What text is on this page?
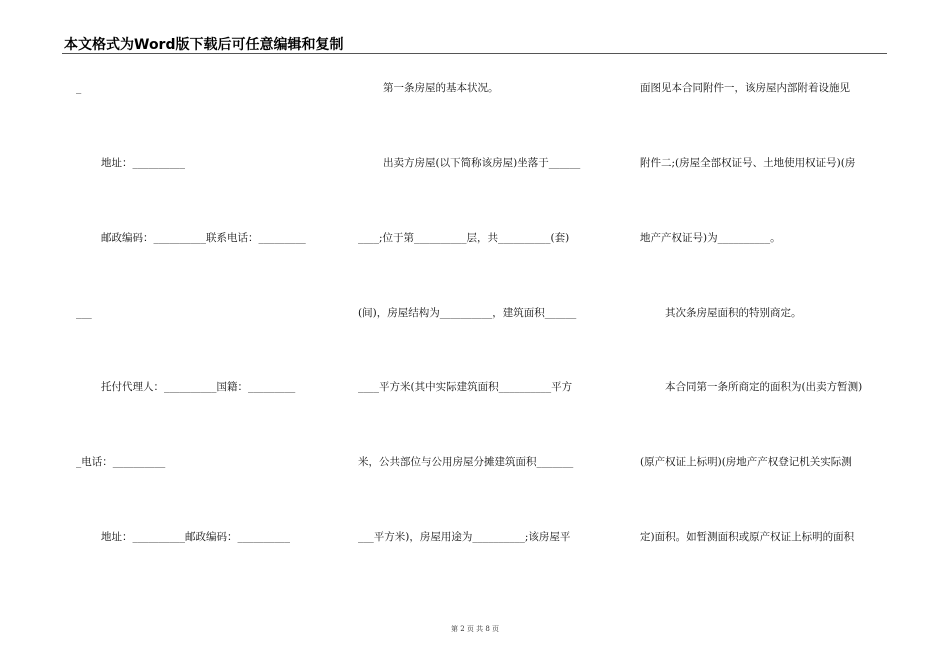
本文格式为Word版下载后可任意编辑和复制
_
地址：__________
邮政编码：__________联系电话：_________
___
托付代理人：__________国籍：_________
_电话：__________
地址：__________邮政编码：__________
第一条房屋的基本状况。
出卖方房屋(以下简称该房屋)坐落于______
____;位于第__________层，共__________(套)
(间)，房屋结构为__________，建筑面积______
____平方米(其中实际建筑面积__________平方
米，公共部位与公用房屋分摊建筑面积_______
___平方米)，房屋用途为__________;该房屋平
面图见本合同附件一，该房屋内部附着设施见
附件二;(房屋全部权证号、土地使用权证号)(房
地产产权证号)为__________。
其次条房屋面积的特别商定。
本合同第一条所商定的面积为(出卖方暂测)
(原产权证上标明)(房地产产权登记机关实际测
定)面积。如暂测面积或原产权证上标明的面积
第 2 页 共 8 页
